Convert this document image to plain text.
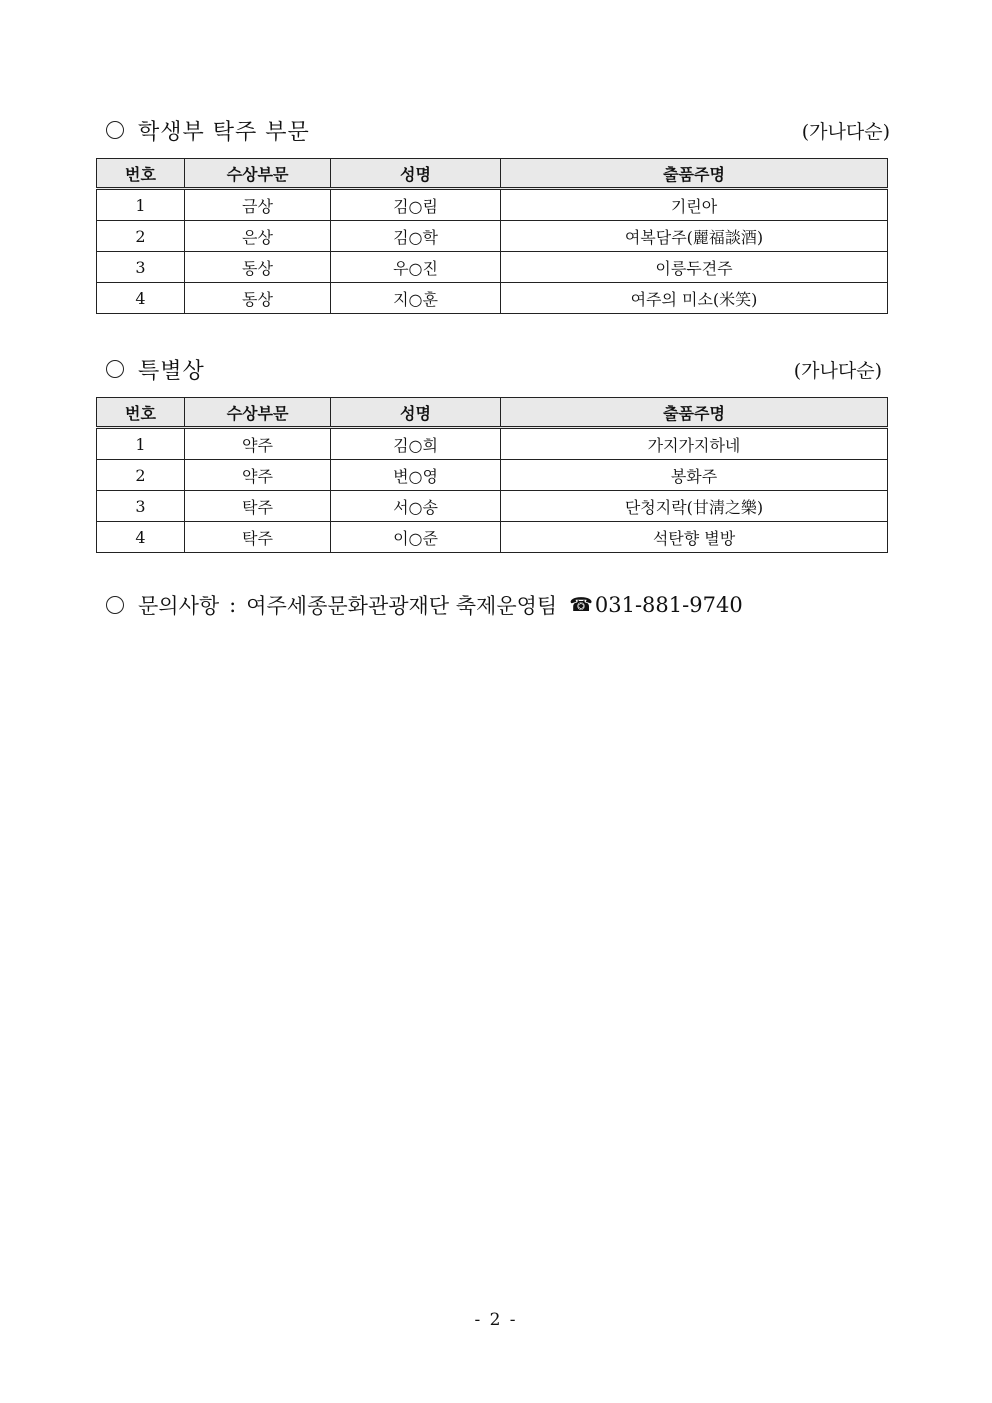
학생부 탁주 부문	(가나다순)
번호	수상부문	성명	출품주명
1	금상	김○림	기린아
2	은상	김○학	여복담주(麗福談酒)
3	동상	우○진	이릉두견주
4	동상	지○훈	여주의 미소(米笑)
특별상	(가나다순)
번호	수상부문	성명	출품주명
1	약주	김○희	가지가지하네
2	약주	변○영	봉화주
3	탁주	서○송	단청지락(甘淸之樂)
4	탁주	이○준	석탄향 별방
문의사항 : 여주세종문화관광재단 축제운영팀 ☎ 031-881-9740
- 2 -
